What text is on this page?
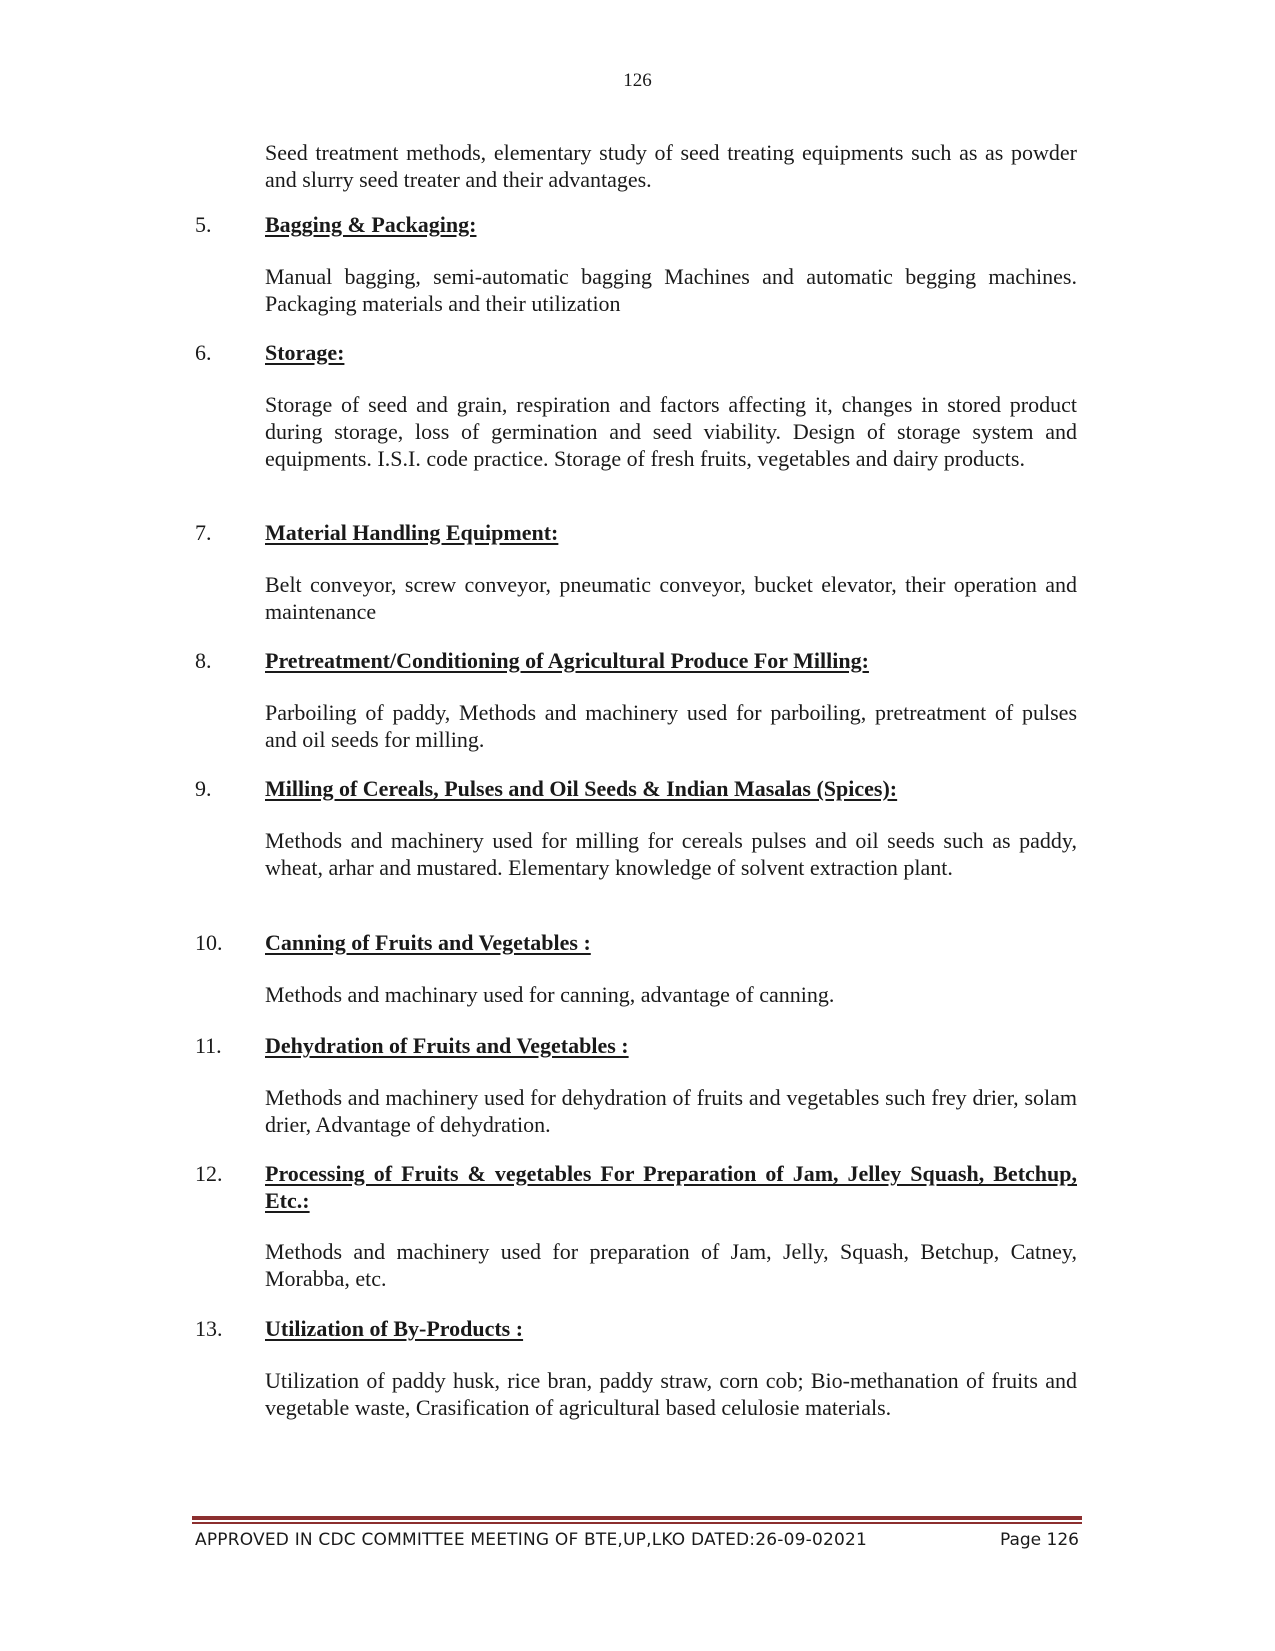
126
Seed treatment methods, elementary study of seed treating equipments such as as powder and slurry seed treater and their advantages.
5. Bagging & Packaging:
Manual bagging, semi-automatic bagging Machines and automatic begging machines. Packaging materials and their utilization
6. Storage:
Storage of seed and grain, respiration and factors affecting it, changes in stored product during storage, loss of germination and seed viability. Design of storage system and equipments. I.S.I. code practice. Storage of fresh fruits, vegetables and dairy products.
7. Material Handling Equipment:
Belt conveyor, screw conveyor, pneumatic conveyor, bucket elevator, their operation and maintenance
8. Pretreatment/Conditioning of Agricultural Produce For Milling:
Parboiling of paddy, Methods and machinery used for parboiling, pretreatment of pulses and oil seeds for milling.
9. Milling of Cereals, Pulses and Oil Seeds & Indian Masalas (Spices):
Methods and machinery used for milling for cereals pulses and oil seeds such as paddy, wheat, arhar and mustared. Elementary knowledge of solvent extraction plant.
10. Canning of Fruits and Vegetables :
Methods and machinary used for canning, advantage of canning.
11. Dehydration of Fruits and Vegetables :
Methods and machinery used for dehydration of fruits and vegetables such frey drier, solam drier, Advantage of dehydration.
12. Processing of Fruits & vegetables For Preparation of Jam, Jelley Squash, Betchup, Etc.:
Methods and machinery used for preparation of Jam, Jelly, Squash, Betchup, Catney, Morabba, etc.
13. Utilization of By-Products :
Utilization of paddy husk, rice bran, paddy straw, corn cob; Bio-methanation of fruits and vegetable waste, Crasification of agricultural based celulosie materials.
APPROVED IN CDC COMMITTEE MEETING OF BTE,UP,LKO DATED:26-09-02021	Page 126
